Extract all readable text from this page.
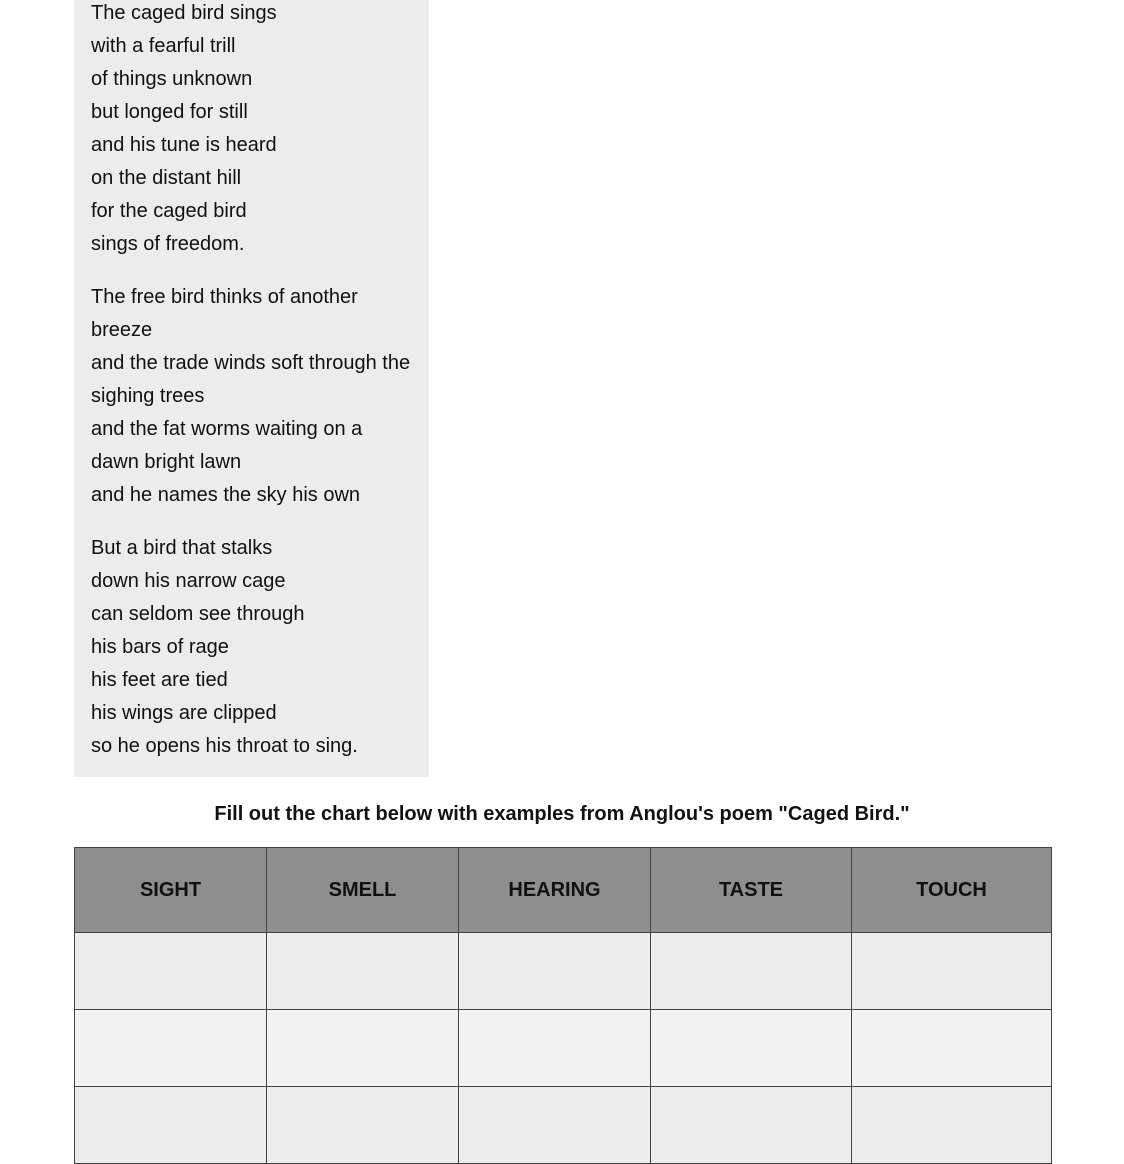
The caged bird sings
with a fearful trill
of things unknown
but longed for still
and his tune is heard
on the distant hill
for the caged bird
sings of freedom.
The free bird thinks of another
breeze
and the trade winds soft through the
sighing trees
and the fat worms waiting on a
dawn bright lawn
and he names the sky his own
But a bird that stalks
down his narrow cage
can seldom see through
his bars of rage
his feet are tied
his wings are clipped
so he opens his throat to sing.
Fill out the chart below with examples from Anglou's poem "Caged Bird."
SIGHT	SMELL	HEARING	TASTE	TOUCH
